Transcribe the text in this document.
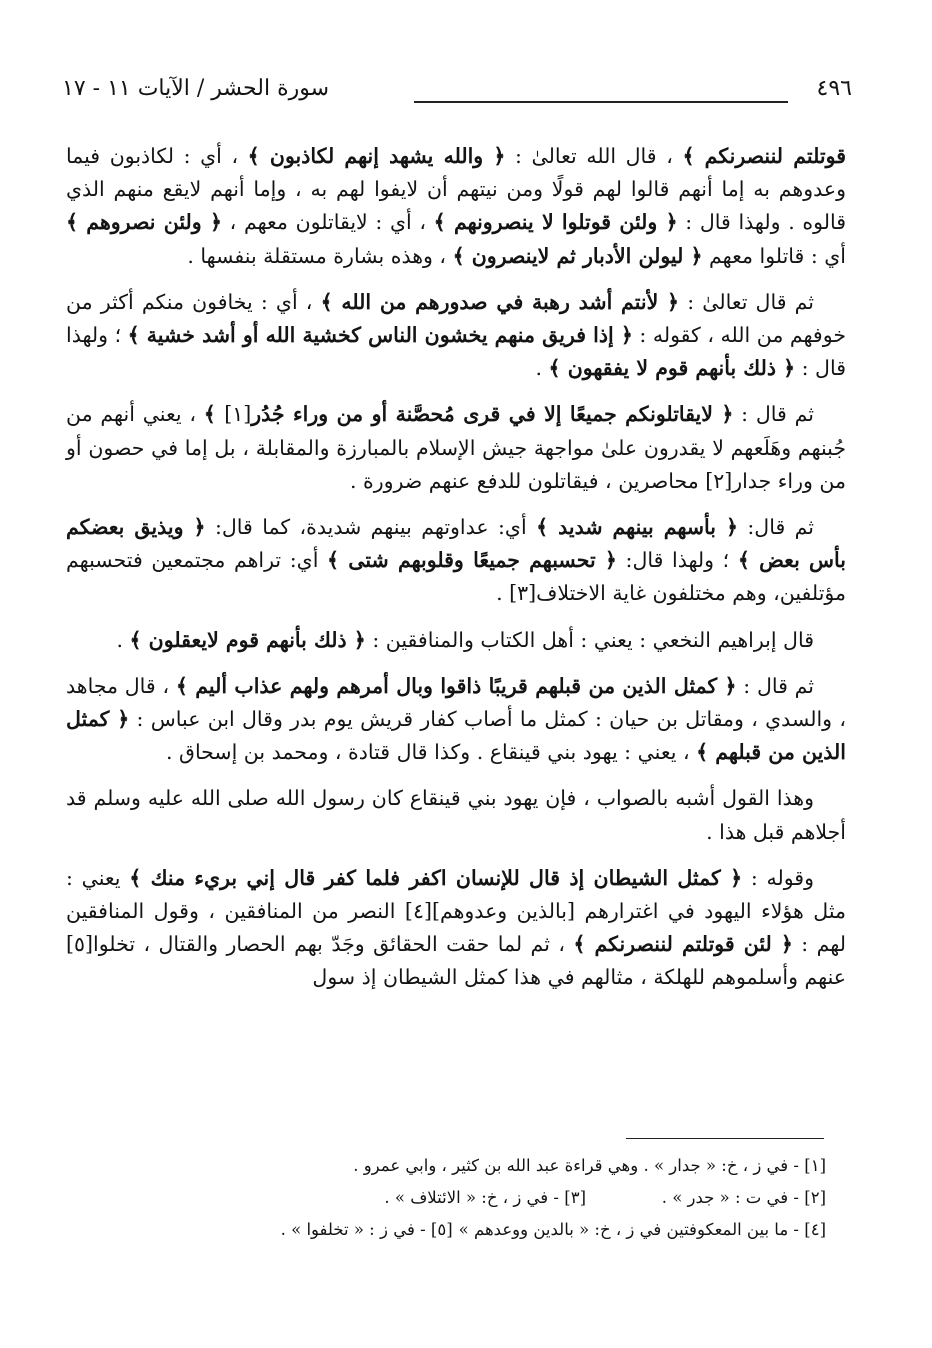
سورة الحشر / الآيات ١١ - ١٧	٤٩٦

قوتلتم لننصرنكم ﴾ ، قال الله تعالىٰ : ﴿ والله يشهد إنهم لكاذبون ﴾ ، أي : لكاذبون فيما وعدوهم به إما أنهم قالوا لهم قولًا ومن نيتهم أن لايفوا لهم به ، وإما أنهم لايقع منهم الذي قالوه . ولهذا قال : ﴿ ولئن قوتلوا لا ينصرونهم ﴾ ، أي : لايقاتلون معهم ، ﴿ ولئن نصروهم ﴾ أي : قاتلوا معهم ﴿ ليولن الأدبار ثم لاينصرون ﴾ ، وهذه بشارة مستقلة بنفسها .

ثم قال تعالىٰ : ﴿ لأنتم أشد رهبة في صدورهم من الله ﴾ ، أي : يخافون منكم أكثر من خوفهم من الله ، كقوله : ﴿ إذا فريق منهم يخشون الناس كخشية الله أو أشد خشية ﴾ ؛ ولهذا قال : ﴿ ذلك بأنهم قوم لا يفقهون ﴾ .

ثم قال : ﴿ لايقاتلونكم جميعًا إلا في قرى مُحصَّنة أو من وراء جُدُر[١] ﴾ ، يعني أنهم من جُبنهم وهَلَعهم لا يقدرون علىٰ مواجهة جيش الإسلام بالمبارزة والمقابلة ، بل إما في حصون أو من وراء جدار[٢] محاصرين ، فيقاتلون للدفع عنهم ضرورة .

ثم قال: ﴿ بأسهم بينهم شديد ﴾ أي: عداوتهم بينهم شديدة، كما قال: ﴿ ويذيق بعضكم بأس بعض ﴾ ؛ ولهذا قال: ﴿ تحسبهم جميعًا وقلوبهم شتى ﴾ أي: تراهم مجتمعين فتحسبهم مؤتلفين، وهم مختلفون غاية الاختلاف[٣] .

قال إبراهيم النخعي : يعني : أهل الكتاب والمنافقين : ﴿ ذلك بأنهم قوم لايعقلون ﴾ .

ثم قال : ﴿ كمثل الذين من قبلهم قريبًا ذاقوا وبال أمرهم ولهم عذاب أليم ﴾ ، قال مجاهد ، والسدي ، ومقاتل بن حيان : كمثل ما أصاب كفار قريش يوم بدر وقال ابن عباس : ﴿ كمثل الذين من قبلهم ﴾ ، يعني : يهود بني قينقاع . وكذا قال قتادة ، ومحمد بن إسحاق .

وهذا القول أشبه بالصواب ، فإن يهود بني قينقاع كان رسول الله صلى الله عليه وسلم قد أجلاهم قبل هذا .

وقوله : ﴿ كمثل الشيطان إذ قال للإنسان اكفر فلما كفر قال إني بريء منك ﴾ يعني : مثل هؤلاء اليهود في اغترارهم [بالذين وعدوهم][٤] النصر من المنافقين ، وقول المنافقين لهم : ﴿ لئن قوتلتم لننصرنكم ﴾ ، ثم لما حقت الحقائق وجَدّ بهم الحصار والقتال ، تخلوا[٥] عنهم وأسلموهم للهلكة ، مثالهم في هذا كمثل الشيطان إذ سول

[١] - في ز ، خ: « جدار » . وهي قراءة عبد الله بن كثير ، وابي عمرو .
[٢] - في ت : « جدر » .
[٣] - في ز ، خ: « الائتلاف » .
[٤] - ما بين المعكوفتين في ز ، خ: « بالدين ووعدهم »
[٥] - في ز : « تخلفوا » .
